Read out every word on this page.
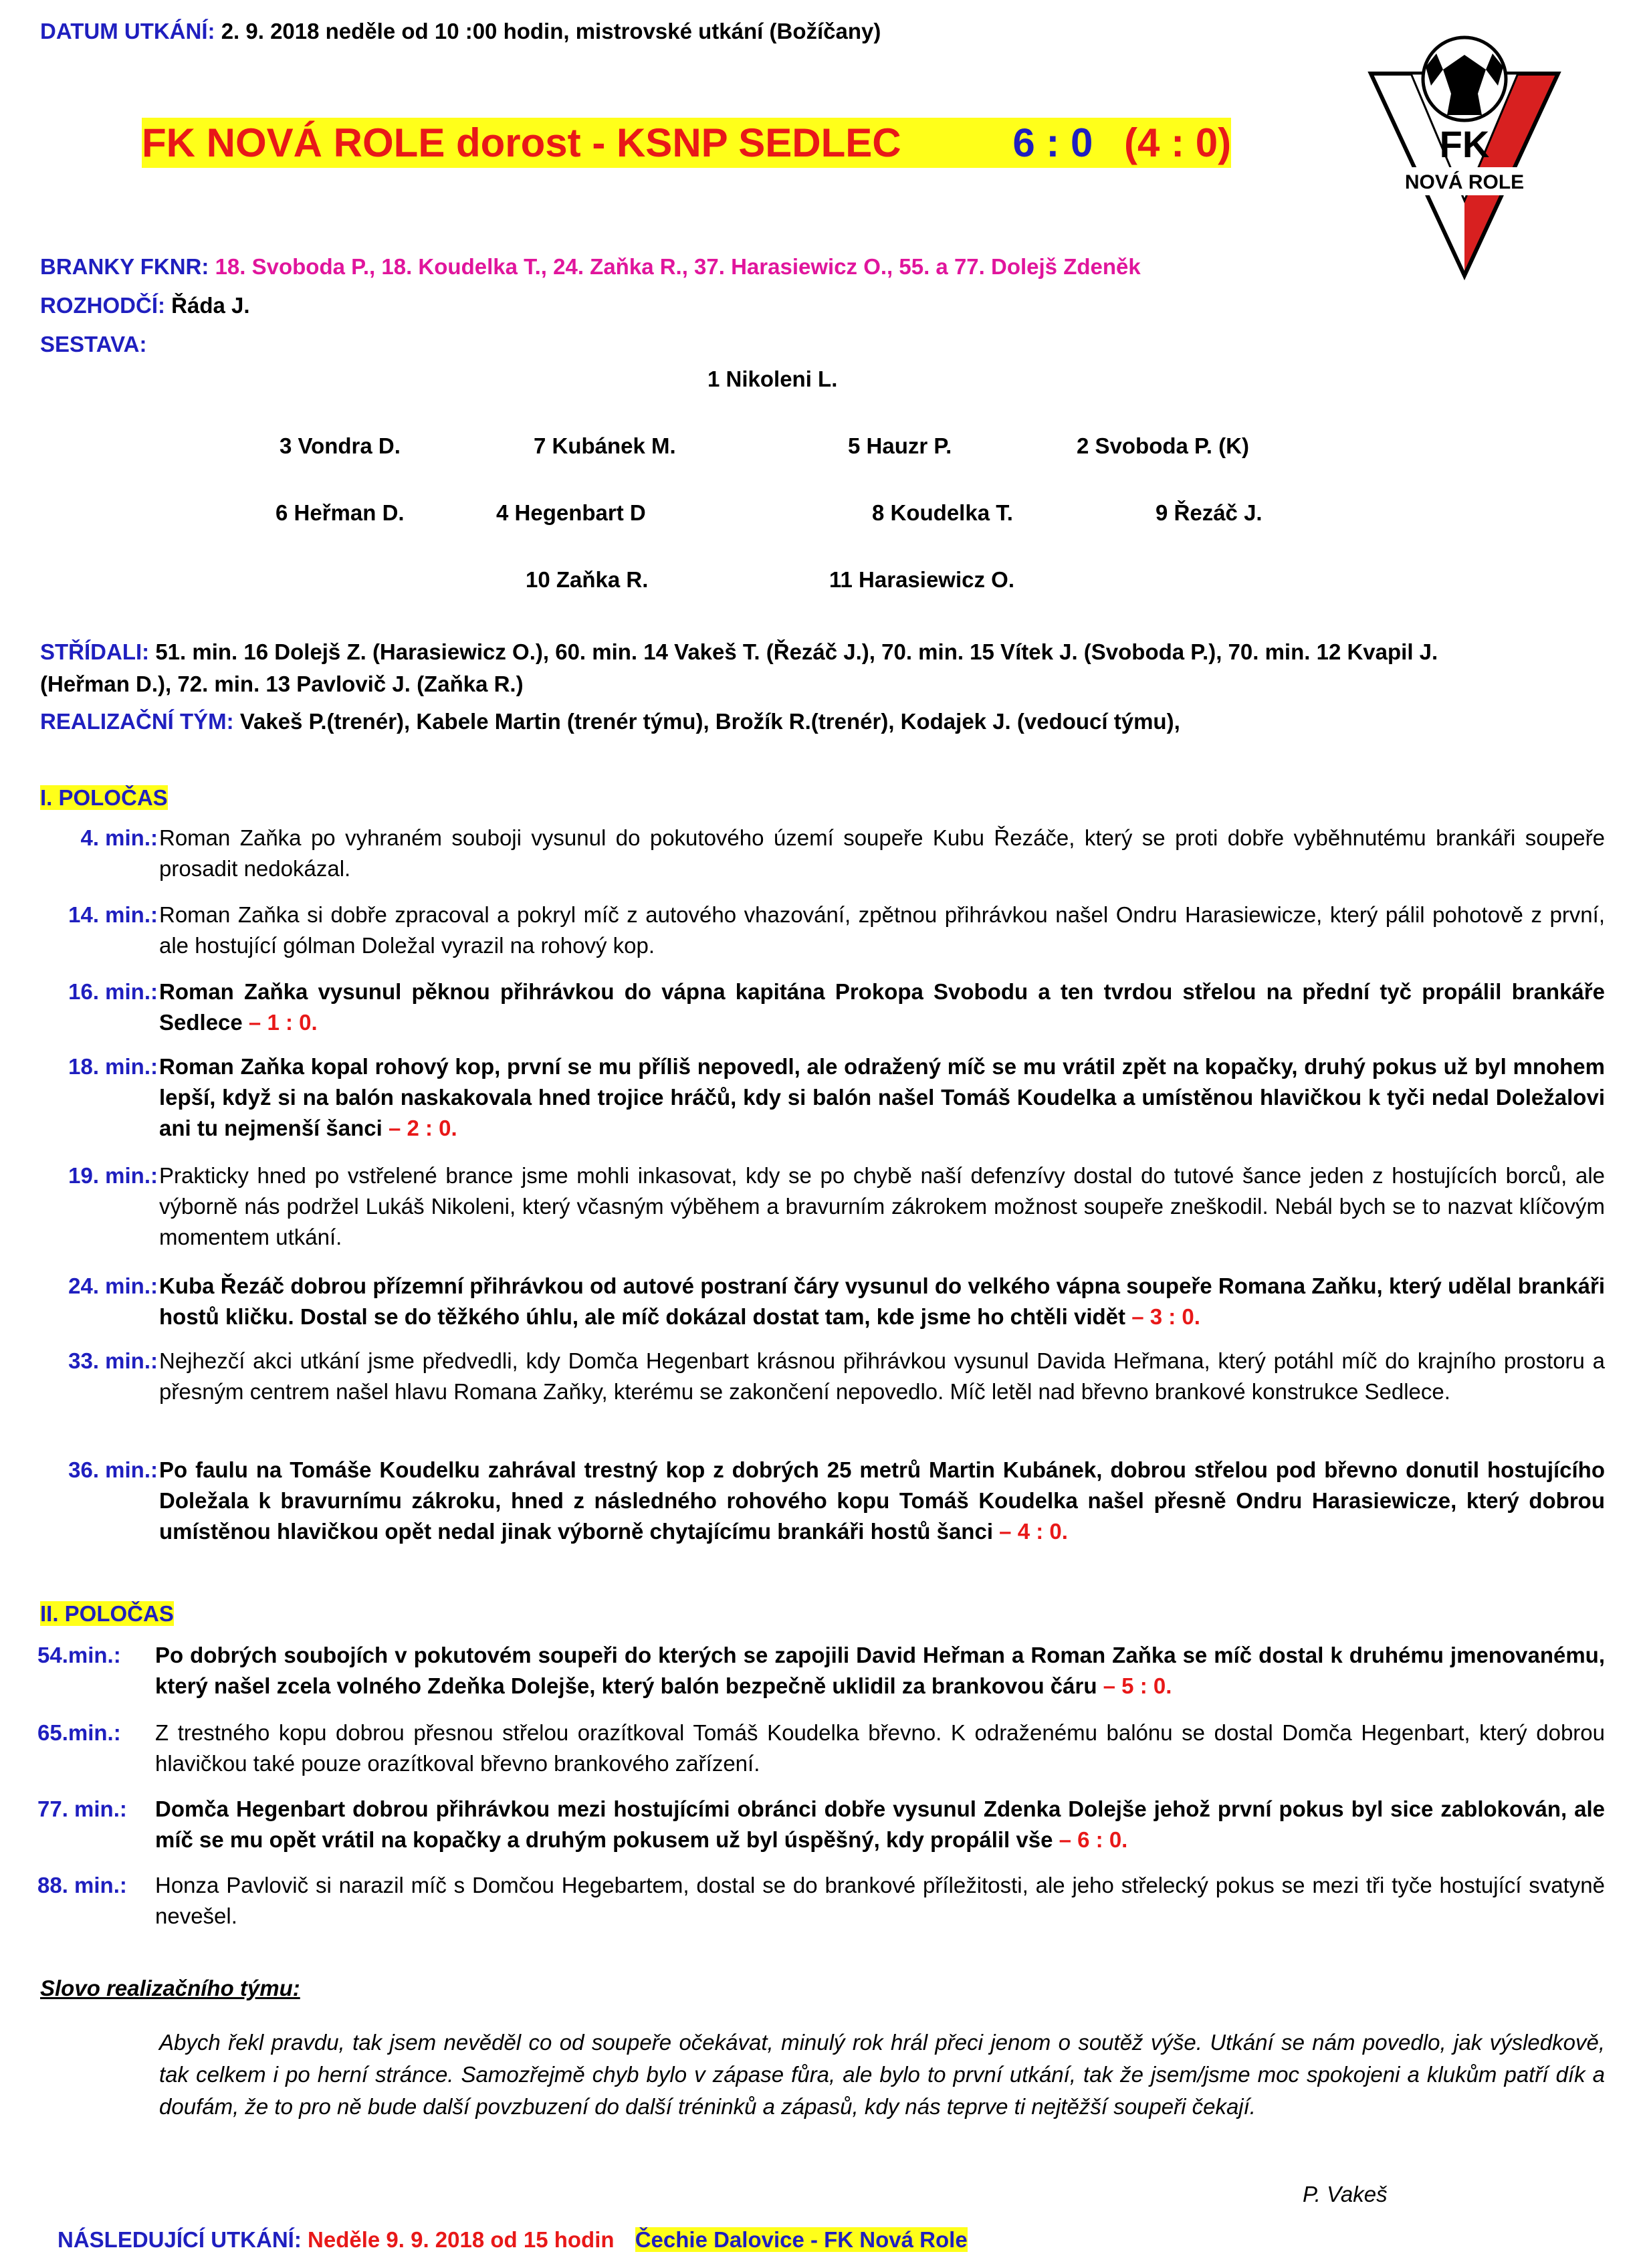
DATUM UTKÁNÍ: 2. 9. 2018 neděle od 10 :00 hodin, mistrovské utkání (Božíčany)
FK NOVÁ ROLE dorost - KSNP SEDLEC	6 : 0 (4 : 0)	FK
NOVÁ ROLE
BRANKY FKNR: 18. Svoboda P., 18. Koudelka T., 24. Zaňka R., 37. Harasiewicz O., 55. a 77. Dolejš Zdeněk
ROZHODČÍ: Řáda J.
SESTAVA:
1 Nikoleni L.
3 Vondra D.	7 Kubánek M.	5 Hauzr P.	2 Svoboda P. (K)
6 Heřman D.	4 Hegenbart D	8 Koudelka T.	9 Řezáč J.
10 Zaňka R.	11 Harasiewicz O.
STŘÍDALI: 51. min. 16 Dolejš Z. (Harasiewicz O.), 60. min. 14 Vakeš T. (Řezáč J.), 70. min. 15 Vítek J. (Svoboda P.), 70. min. 12 Kvapil J.
(Heřman D.), 72. min. 13 Pavlovič J. (Zaňka R.)
REALIZAČNÍ TÝM: Vakeš P.(trenér), Kabele Martin (trenér týmu), Brožík R.(trenér), Kodajek J. (vedoucí týmu),
I. POLOČAS
4. min.: Roman Zaňka po vyhraném souboji vysunul do pokutového území soupeře Kubu Řezáče, který se proti dobře vyběhnutému brankáři soupeře prosadit nedokázal.
14. min.: Roman Zaňka si dobře zpracoval a pokryl míč z autového vhazování, zpětnou přihrávkou našel Ondru Harasiewicze, který pálil pohotově z první, ale hostující gólman Doležal vyrazil na rohový kop.
16. min.: Roman Zaňka vysunul pěknou přihrávkou do vápna kapitána Prokopa Svobodu a ten tvrdou střelou na přední tyč propálil brankáře Sedlece – 1 : 0.
18. min.: Roman Zaňka kopal rohový kop, první se mu příliš nepovedl, ale odražený míč se mu vrátil zpět na kopačky, druhý pokus už byl mnohem lepší, když si na balón naskakovala hned trojice hráčů, kdy si balón našel Tomáš Koudelka a umístěnou hlavičkou k tyči nedal Doležalovi ani tu nejmenší šanci – 2 : 0.
19. min.: Prakticky hned po vstřelené brance jsme mohli inkasovat, kdy se po chybě naší defenzívy dostal do tutové šance jeden z hostujících borců, ale výborně nás podržel Lukáš Nikoleni, který včasným výběhem a bravurním zákrokem možnost soupeře zneškodil. Nebál bych se to nazvat klíčovým momentem utkání.
24. min.: Kuba Řezáč dobrou přízemní přihrávkou od autové postraní čáry vysunul do velkého vápna soupeře Romana Zaňku, který udělal brankáři hostů kličku. Dostal se do těžkého úhlu, ale míč dokázal dostat tam, kde jsme ho chtěli vidět – 3 : 0.
33. min.: Nejhezčí akci utkání jsme předvedli, kdy Domča Hegenbart krásnou přihrávkou vysunul Davida Heřmana, který potáhl míč do krajního prostoru a přesným centrem našel hlavu Romana Zaňky, kterému se zakončení nepovedlo. Míč letěl nad břevno brankové konstrukce Sedlece.
36. min.: Po faulu na Tomáše Koudelku zahrával trestný kop z dobrých 25 metrů Martin Kubánek, dobrou střelou pod břevno donutil hostujícího Doležala k bravurnímu zákroku, hned z následného rohového kopu Tomáš Koudelka našel přesně Ondru Harasiewicze, který dobrou umístěnou hlavičkou opět nedal jinak výborně chytajícímu brankáři hostů šanci – 4 : 0.
II. POLOČAS
54.min.:	Po dobrých soubojích v pokutovém soupeři do kterých se zapojili David Heřman a Roman Zaňka se míč dostal k druhému jmenovanému, který našel zcela volného Zdeňka Dolejše, který balón bezpečně uklidil za brankovou čáru – 5 : 0.
65.min.:	Z trestného kopu dobrou přesnou střelou orazítkoval Tomáš Koudelka břevno. K odraženému balónu se dostal Domča Hegenbart, který dobrou hlavičkou také pouze orazítkoval břevno brankového zařízení.
77. min.:	Domča Hegenbart dobrou přihrávkou mezi hostujícími obránci dobře vysunul Zdenka Dolejše jehož první pokus byl sice zablokován, ale míč se mu opět vrátil na kopačky a druhým pokusem už byl úspěšný, kdy propálil vše – 6 : 0.
88. min.:	Honza Pavlovič si narazil míč s Domčou Hegebartem, dostal se do brankové příležitosti, ale jeho střelecký pokus se mezi tři tyče hostující svatyně nevešel.
Slovo realizačního týmu:
Abych řekl pravdu, tak jsem nevěděl co od soupeře očekávat, minulý rok hrál přeci jenom o soutěž výše. Utkání se nám povedlo, jak výsledkově, tak celkem i po herní stránce. Samozřejmě chyb bylo v zápase fůra, ale bylo to první utkání, tak že jsem/jsme moc spokojeni a klukům patří dík a doufám, že to pro ně bude další povzbuzení do další tréninků a zápasů, kdy nás teprve ti nejtěžší soupeři čekají.
P. Vakeš
NÁSLEDUJÍCÍ UTKÁNÍ: Neděle 9. 9. 2018 od 15 hodin Čechie Dalovice - FK Nová Role
